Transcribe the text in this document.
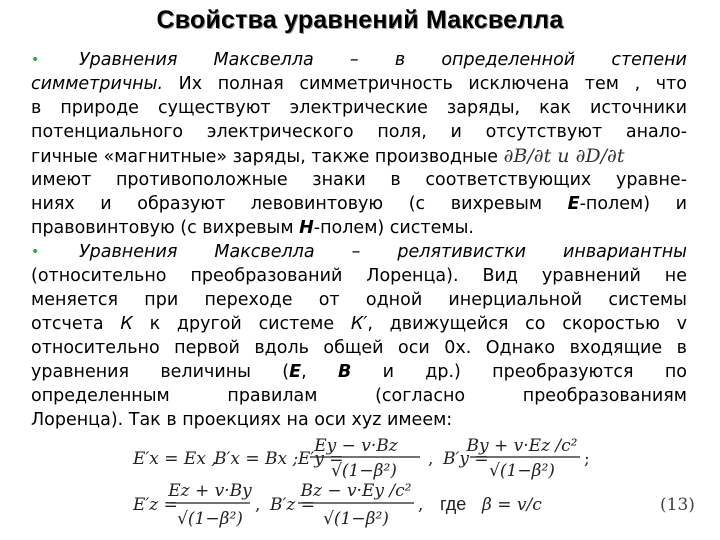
Свойства уравнений Максвелла
•	Уравнения Максвелла – в определенной степени
симметричны. Их полная симметричность исключена тем , что
в природе существуют электрические заряды, как источники
потенциального электрического поля, и отсутствуют анало-
гичные «магнитные» заряды, также производные ∂B/∂t и ∂D/∂t
имеют противоположные знаки в соответствующих уравне-
ниях и образуют левовинтовую (с вихревым E-полем) и
правовинтовую (с вихревым H-полем) системы.
•	Уравнения Максвелла – релятивистки инвариантны
(относительно преобразований Лоренца). Вид уравнений не
меняется при переходе от одной инерциальной системы
отсчета К к другой системе К′, движущейся со скоростью v
относительно первой вдоль общей оси 0x. Однако входящие в
уравнения величины (E, B и др.) преобразуются по
определенным правилам (согласно преобразованиям
Лоренца). Так в проекциях на оси xyz имеем:
E′x = Ex ,
B′x = Bx ; E′y =
Ey − v·Bz
√(1−β²)
, B′y =
By + v·Ez /c²
√(1−β²)
;
E′z =
Ez + v·By
√(1−β²)
, B′z =
Bz − v·Ey /c²
√(1−β²)
, где β = v/c	(13)
